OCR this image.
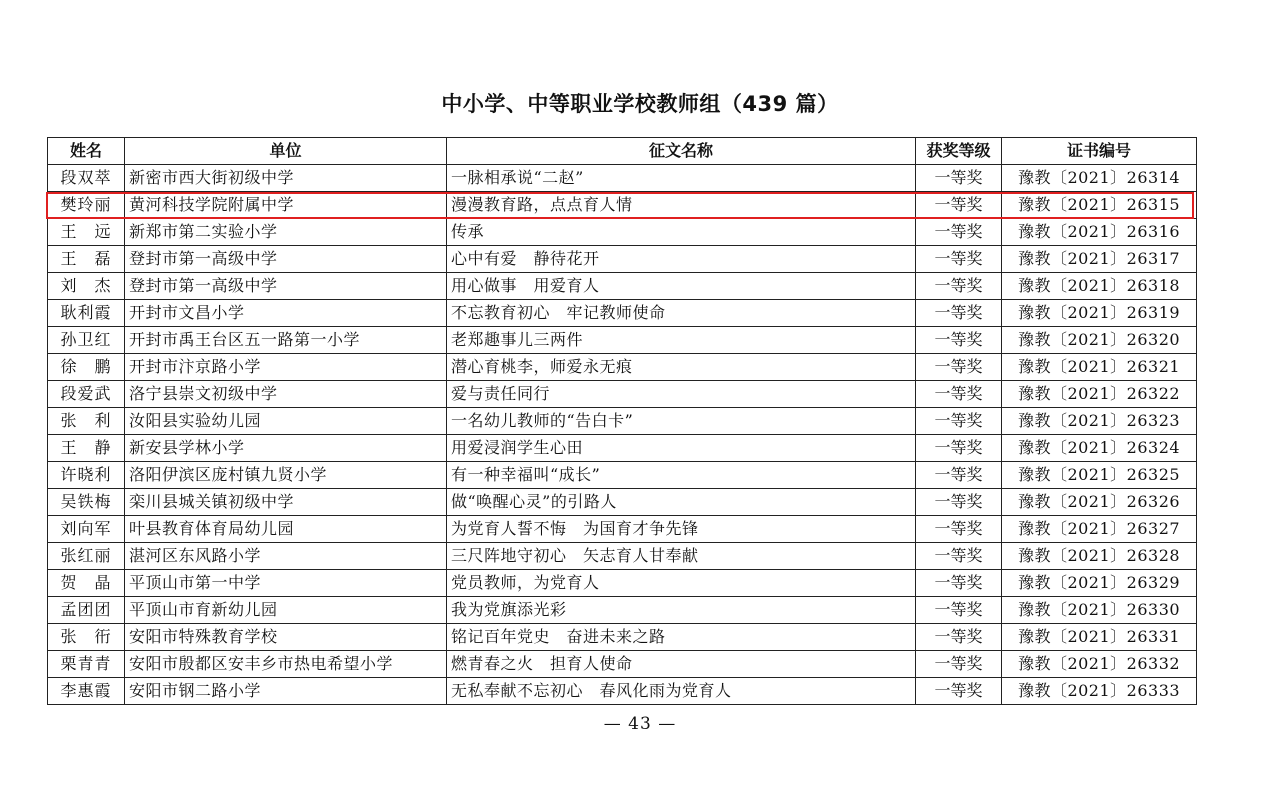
中小学、中等职业学校教师组（439 篇）
姓名	单位	征文名称	获奖等级	证书编号
段双萃	新密市西大街初级中学	一脉相承说“二赵”	一等奖	豫教〔2021〕26314
樊玲丽	黄河科技学院附属中学	漫漫教育路，点点育人情	一等奖	豫教〔2021〕26315
王　远	新郑市第二实验小学	传承	一等奖	豫教〔2021〕26316
王　磊	登封市第一高级中学	心中有爱　静待花开	一等奖	豫教〔2021〕26317
刘　杰	登封市第一高级中学	用心做事　用爱育人	一等奖	豫教〔2021〕26318
耿利霞	开封市文昌小学	不忘教育初心　牢记教师使命	一等奖	豫教〔2021〕26319
孙卫红	开封市禹王台区五一路第一小学	老郑趣事儿三两件	一等奖	豫教〔2021〕26320
徐　鹏	开封市汴京路小学	潜心育桃李，师爱永无痕	一等奖	豫教〔2021〕26321
段爱武	洛宁县崇文初级中学	爱与责任同行	一等奖	豫教〔2021〕26322
张　利	汝阳县实验幼儿园	一名幼儿教师的“告白卡”	一等奖	豫教〔2021〕26323
王　静	新安县学林小学	用爱浸润学生心田	一等奖	豫教〔2021〕26324
许晓利	洛阳伊滨区庞村镇九贤小学	有一种幸福叫“成长”	一等奖	豫教〔2021〕26325
吴铁梅	栾川县城关镇初级中学	做“唤醒心灵”的引路人	一等奖	豫教〔2021〕26326
刘向军	叶县教育体育局幼儿园	为党育人誓不悔　为国育才争先锋	一等奖	豫教〔2021〕26327
张红丽	湛河区东风路小学	三尺阵地守初心　矢志育人甘奉献	一等奖	豫教〔2021〕26328
贺　晶	平顶山市第一中学	党员教师，为党育人	一等奖	豫教〔2021〕26329
孟团团	平顶山市育新幼儿园	我为党旗添光彩	一等奖	豫教〔2021〕26330
张　衎	安阳市特殊教育学校	铭记百年党史　奋进未来之路	一等奖	豫教〔2021〕26331
栗青青	安阳市殷都区安丰乡市热电希望小学	燃青春之火　担育人使命	一等奖	豫教〔2021〕26332
李惠霞	安阳市钢二路小学	无私奉献不忘初心　春风化雨为党育人	一等奖	豫教〔2021〕26333
— 43 —
